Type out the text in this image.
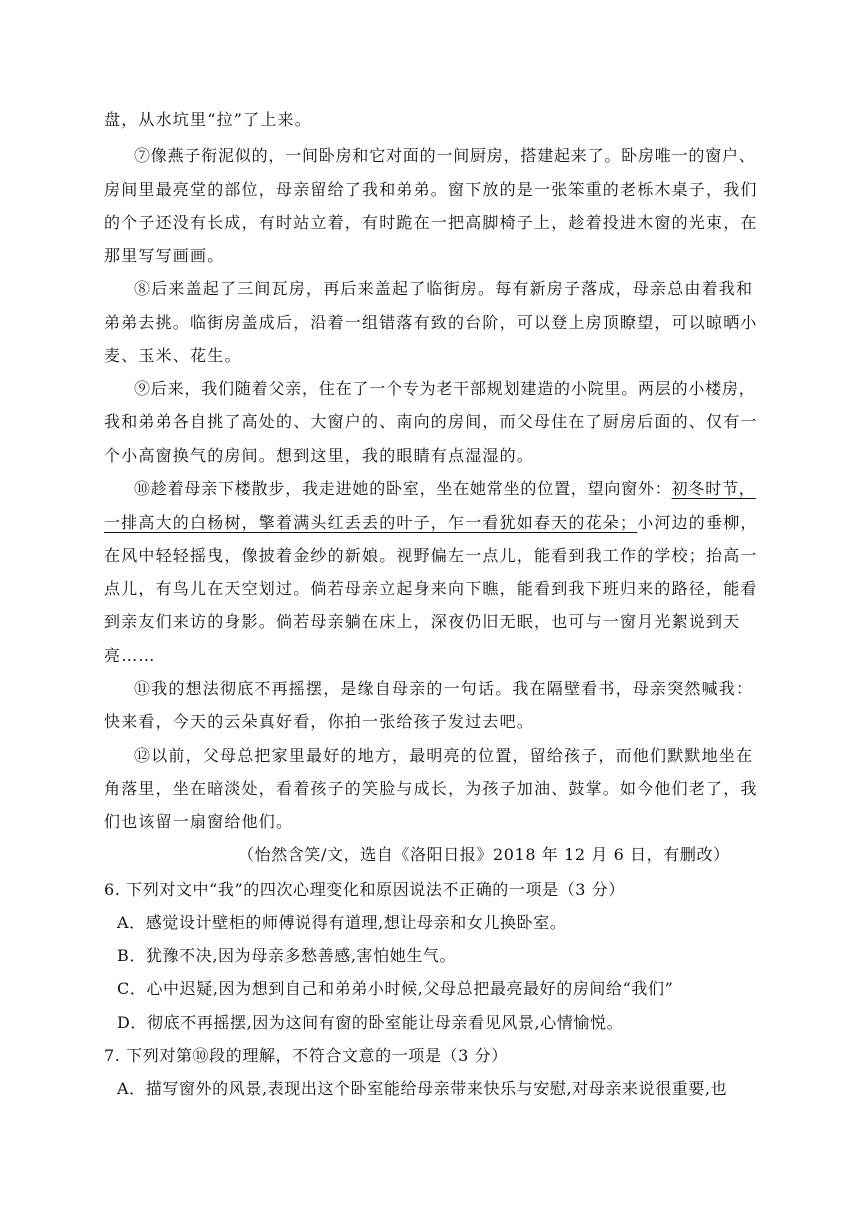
盘，从水坑里“拉”了上来。
⑦像燕子衔泥似的，一间卧房和它对面的一间厨房，搭建起来了。卧房唯一的窗户、
房间里最亮堂的部位，母亲留给了我和弟弟。窗下放的是一张笨重的老栎木桌子，我们
的个子还没有长成，有时站立着，有时跪在一把高脚椅子上，趁着投进木窗的光束，在
那里写写画画。
⑧后来盖起了三间瓦房，再后来盖起了临街房。每有新房子落成，母亲总由着我和
弟弟去挑。临街房盖成后，沿着一组错落有致的台阶，可以登上房顶瞭望，可以晾晒小
麦、玉米、花生。
⑨后来，我们随着父亲，住在了一个专为老干部规划建造的小院里。两层的小楼房，
我和弟弟各自挑了高处的、大窗户的、南向的房间，而父母住在了厨房后面的、仅有一
个小高窗换气的房间。想到这里，我的眼睛有点湿湿的。
⑩趁着母亲下楼散步，我走进她的卧室，坐在她常坐的位置，望向窗外：初冬时节，
一排高大的白杨树，擎着满头红丢丢的叶子，乍一看犹如春天的花朵；小河边的垂柳，
在风中轻轻摇曳，像披着金纱的新娘。视野偏左一点儿，能看到我工作的学校；抬高一
点儿，有鸟儿在天空划过。倘若母亲立起身来向下瞧，能看到我下班归来的路径，能看
到亲友们来访的身影。倘若母亲躺在床上，深夜仍旧无眠，也可与一窗月光絮说到天
亮……
⑪我的想法彻底不再摇摆，是缘自母亲的一句话。我在隔壁看书，母亲突然喊我：
快来看，今天的云朵真好看，你拍一张给孩子发过去吧。
⑫以前，父母总把家里最好的地方，最明亮的位置，留给孩子，而他们默默地坐在
角落里，坐在暗淡处，看着孩子的笑脸与成长，为孩子加油、鼓掌。如今他们老了，我
们也该留一扇窗给他们。
（怡然含笑/文，选自《洛阳日报》2018 年 12 月 6 日，有删改）
6. 下列对文中“我”的四次心理变化和原因说法不正确的一项是（3 分）
A．感觉设计壁柜的师傅说得有道理,想让母亲和女儿换卧室。
B．犹豫不决,因为母亲多愁善感,害怕她生气。
C．心中迟疑,因为想到自己和弟弟小时候,父母总把最亮最好的房间给“我们”
D．彻底不再摇摆,因为这间有窗的卧室能让母亲看见风景,心情愉悦。
7. 下列对第⑩段的理解，不符合文意的一项是（3 分）
A．描写窗外的风景,表现出这个卧室能给母亲带来快乐与安慰,对母亲来说很重要,也
